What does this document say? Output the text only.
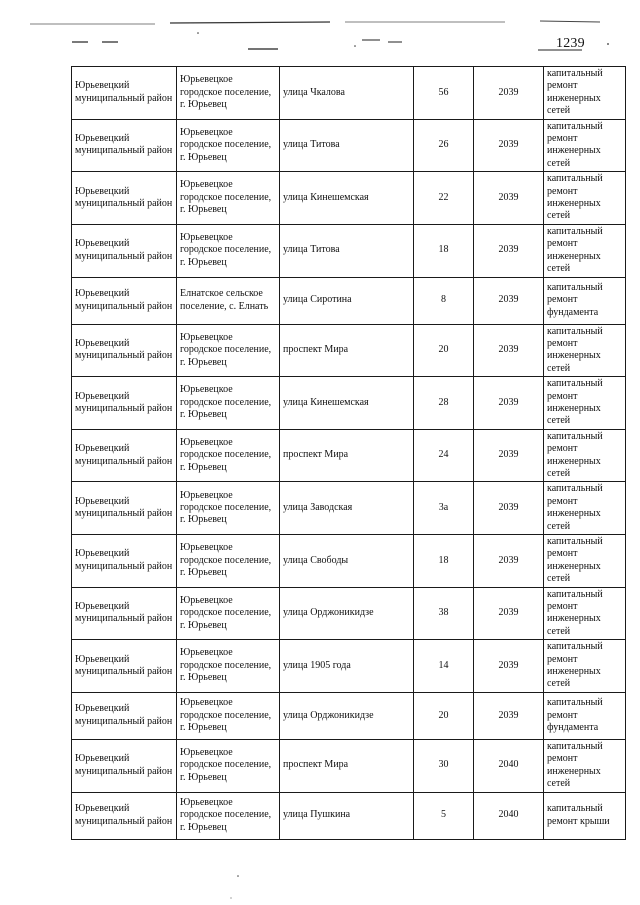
1239
Юрьевецкий муниципальный район	Юрьевецкое городское поселение, г. Юрьевец	улица Чкалова	56	2039	капитальный ремонт инженерных сетей
Юрьевецкий муниципальный район	Юрьевецкое городское поселение, г. Юрьевец	улица Титова	26	2039	капитальный ремонт инженерных сетей
Юрьевецкий муниципальный район	Юрьевецкое городское поселение, г. Юрьевец	улица Кинешемская	22	2039	капитальный ремонт инженерных сетей
Юрьевецкий муниципальный район	Юрьевецкое городское поселение, г. Юрьевец	улица Титова	18	2039	капитальный ремонт инженерных сетей
Юрьевецкий муниципальный район	Елнатское сельское поселение, с. Елнать	улица Сиротина	8	2039	капитальный ремонт фундамента
Юрьевецкий муниципальный район	Юрьевецкое городское поселение, г. Юрьевец	проспект Мира	20	2039	капитальный ремонт инженерных сетей
Юрьевецкий муниципальный район	Юрьевецкое городское поселение, г. Юрьевец	улица Кинешемская	28	2039	капитальный ремонт инженерных сетей
Юрьевецкий муниципальный район	Юрьевецкое городское поселение, г. Юрьевец	проспект Мира	24	2039	капитальный ремонт инженерных сетей
Юрьевецкий муниципальный район	Юрьевецкое городское поселение, г. Юрьевец	улица Заводская	3а	2039	капитальный ремонт инженерных сетей
Юрьевецкий муниципальный район	Юрьевецкое городское поселение, г. Юрьевец	улица Свободы	18	2039	капитальный ремонт инженерных сетей
Юрьевецкий муниципальный район	Юрьевецкое городское поселение, г. Юрьевец	улица Орджоникидзе	38	2039	капитальный ремонт инженерных сетей
Юрьевецкий муниципальный район	Юрьевецкое городское поселение, г. Юрьевец	улица 1905 года	14	2039	капитальный ремонт инженерных сетей
Юрьевецкий муниципальный район	Юрьевецкое городское поселение, г. Юрьевец	улица Орджоникидзе	20	2039	капитальный ремонт фундамента
Юрьевецкий муниципальный район	Юрьевецкое городское поселение, г. Юрьевец	проспект Мира	30	2040	капитальный ремонт инженерных сетей
Юрьевецкий муниципальный район	Юрьевецкое городское поселение, г. Юрьевец	улица Пушкина	5	2040	капитальный ремонт крыши
